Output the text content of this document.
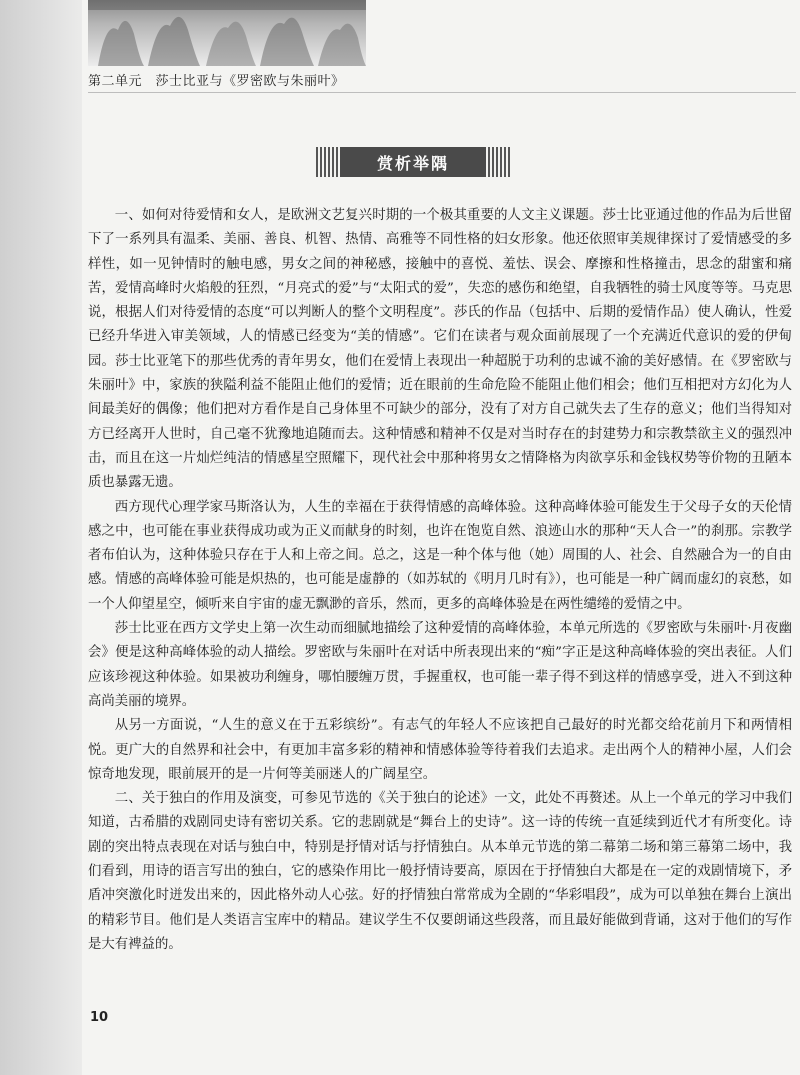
第二单元　莎士比亚与《罗密欧与朱丽叶》
赏析举隅

一、如何对待爱情和女人，是欧洲文艺复兴时期的一个极其重要的人文主义课题。莎士比亚通过他的作品为后世留下了一系列具有温柔、美丽、善良、机智、热情、高雅等不同性格的妇女形象。他还依照审美规律探讨了爱情感受的多样性，如一见钟情时的触电感，男女之间的神秘感，接触中的喜悦、羞怯、误会、摩擦和性格撞击，思念的甜蜜和痛苦，爱情高峰时火焰般的狂烈，“月亮式的爱”与“太阳式的爱”，失恋的感伤和绝望，自我牺牲的骑士风度等等。马克思说，根据人们对待爱情的态度“可以判断人的整个文明程度”。莎氏的作品（包括中、后期的爱情作品）使人确认，性爱已经升华进入审美领域，人的情感已经变为“美的情感”。它们在读者与观众面前展现了一个充满近代意识的爱的伊甸园。莎士比亚笔下的那些优秀的青年男女，他们在爱情上表现出一种超脱于功利的忠诚不渝的美好感情。在《罗密欧与朱丽叶》中，家族的狭隘利益不能阻止他们的爱情；近在眼前的生命危险不能阻止他们相会；他们互相把对方幻化为人间最美好的偶像；他们把对方看作是自己身体里不可缺少的部分，没有了对方自己就失去了生存的意义；他们当得知对方已经离开人世时，自己毫不犹豫地追随而去。这种情感和精神不仅是对当时存在的封建势力和宗教禁欲主义的强烈冲击，而且在这一片灿烂纯洁的情感星空照耀下，现代社会中那种将男女之情降格为肉欲享乐和金钱权势等价物的丑陋本质也暴露无遗。

西方现代心理学家马斯洛认为，人生的幸福在于获得情感的高峰体验。这种高峰体验可能发生于父母子女的天伦情感之中，也可能在事业获得成功或为正义而献身的时刻，也许在饱览自然、浪迹山水的那种“天人合一”的刹那。宗教学者布伯认为，这种体验只存在于人和上帝之间。总之，这是一种个体与他（她）周围的人、社会、自然融合为一的自由感。情感的高峰体验可能是炽热的，也可能是虚静的（如苏轼的《明月几时有》），也可能是一种广阔而虚幻的哀愁，如一个人仰望星空，倾听来自宇宙的虚无飘渺的音乐，然而，更多的高峰体验是在两性缱绻的爱情之中。

莎士比亚在西方文学史上第一次生动而细腻地描绘了这种爱情的高峰体验，本单元所选的《罗密欧与朱丽叶·月夜幽会》便是这种高峰体验的动人描绘。罗密欧与朱丽叶在对话中所表现出来的“痴”字正是这种高峰体验的突出表征。人们应该珍视这种体验。如果被功利缠身，哪怕腰缠万贯，手握重权，也可能一辈子得不到这样的情感享受，进入不到这种高尚美丽的境界。

从另一方面说，“人生的意义在于五彩缤纷”。有志气的年轻人不应该把自己最好的时光都交给花前月下和两情相悦。更广大的自然界和社会中，有更加丰富多彩的精神和情感体验等待着我们去追求。走出两个人的精神小屋，人们会惊奇地发现，眼前展开的是一片何等美丽迷人的广阔星空。

二、关于独白的作用及演变，可参见节选的《关于独白的论述》一文，此处不再赘述。从上一个单元的学习中我们知道，古希腊的戏剧同史诗有密切关系。它的悲剧就是“舞台上的史诗”。这一诗的传统一直延续到近代才有所变化。诗剧的突出特点表现在对话与独白中，特别是抒情对话与抒情独白。从本单元节选的第二幕第二场和第三幕第二场中，我们看到，用诗的语言写出的独白，它的感染作用比一般抒情诗要高，原因在于抒情独白大都是在一定的戏剧情境下，矛盾冲突激化时迸发出来的，因此格外动人心弦。好的抒情独白常常成为全剧的“华彩唱段”，成为可以单独在舞台上演出的精彩节目。他们是人类语言宝库中的精品。建议学生不仅要朗诵这些段落，而且最好能做到背诵，这对于他们的写作是大有裨益的。

10
